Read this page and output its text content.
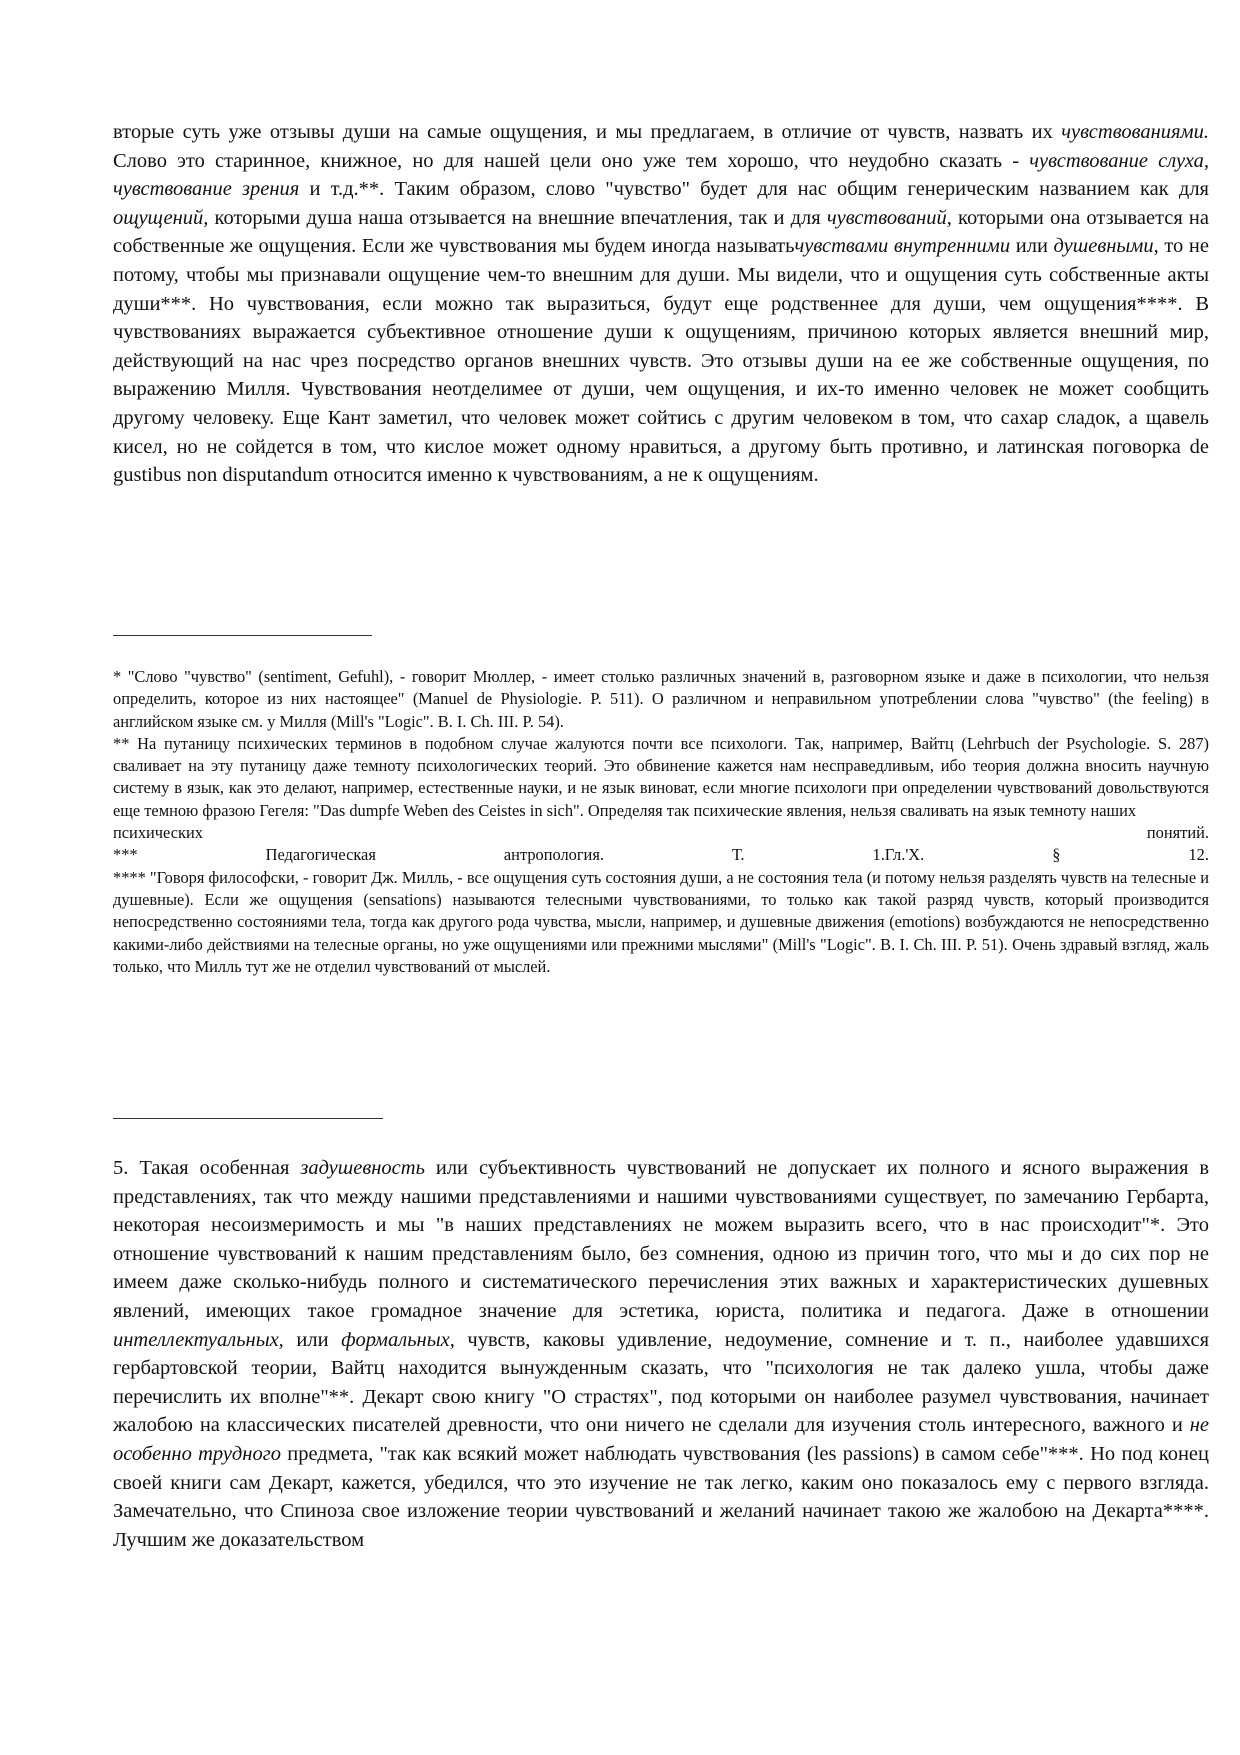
вторые суть уже отзывы души на самые ощущения, и мы предлагаем, в отличие от чувств, назвать их чувствованиями. Слово это старинное, книжное, но для нашей цели оно уже тем хорошо, что неудобно сказать - чувствование слуха, чувствование зрения и т.д.**. Таким образом, слово "чувство" будет для нас общим генерическим названием как для ощущений, которыми душа наша отзывается на внешние впечатления, так и для чувствований, которыми она отзывается на собственные же ощущения. Если же чувствования мы будем иногда называтьчувствами внутренними или душевными, то не потому, чтобы мы признавали ощущение чем-то внешним для души. Мы видели, что и ощущения суть собственные акты души***. Но чувствования, если можно так выразиться, будут еще родственнее для души, чем ощущения****. В чувствованиях выражается субъективное отношение души к ощущениям, причиною которых является внешний мир, действующий на нас чрез посредство органов внешних чувств. Это отзывы души на ее же собственные ощущения, по выражению Милля. Чувствования неотделимее от души, чем ощущения, и их-то именно человек не может сообщить другому человеку. Еще Кант заметил, что человек может сойтись с другим человеком в том, что сахар сладок, а щавель кисел, но не сойдется в том, что кислое может одному нравиться, а другому быть противно, и латинская поговорка de gustibus non disputandum относится именно к чувствованиям, а не к ощущениям.

* "Слово "чувство" (sentiment, Gefuhl), - говорит Мюллер, - имеет столько различных значений в, разговорном языке и даже в психологии, что нельзя определить, которое из них настоящее" (Manuel de Physiologie. P. 511). О различном и неправильном употреблении слова "чувство" (the feeling) в английском языке см. у Милля (Mill's "Logic". B. I. Ch. III. P. 54).

** На путаницу психических терминов в подобном случае жалуются почти все психологи. Так, например, Вайтц (Lehrbuch der Psychologie. S. 287) сваливает на эту путаницу даже темноту психологических теорий. Это обвинение кажется нам несправедливым, ибо теория должна вносить научную систему в язык, как это делают, например, естественные науки, и не язык виноват, если многие психологи при определении чувствований довольствуются еще темною фразою Гегеля: "Das dumpfe Weben des Ceistes in sich". Определяя так психические явления, нельзя сваливать на язык темноту наших

психических	понятий.
***	Педагогическая	антропология.	Т.	1.Гл.'Х.	§	12.

**** "Говоря философски, - говорит Дж. Милль, - все ощущения суть состояния души, а не состояния тела (и потому нельзя разделять чувств на телесные и душевные). Если же ощущения (sensations) называются телесными чувствованиями, то только как такой разряд чувств, который производится непосредственно состояниями тела, тогда как другого рода чувства, мысли, например, и душевные движения (emotions) возбуждаются не непосредственно какими-либо действиями на телесные органы, но уже ощущениями или прежними мыслями" (Mill's "Logic". B. I. Ch. III. P. 51). Очень здравый взгляд, жаль только, что Милль тут же не отделил чувствований от мыслей.

5. Такая особенная задушевность или субъективность чувствований не допускает их полного и ясного выражения в представлениях, так что между нашими представлениями и нашими чувствованиями существует, по замечанию Гербарта, некоторая несоизмеримость и мы "в наших представлениях не можем выразить всего, что в нас происходит"*. Это отношение чувствований к нашим представлениям было, без сомнения, одною из причин того, что мы и до сих пор не имеем даже сколько-нибудь полного и систематического перечисления этих важных и характеристических душевных явлений, имеющих такое громадное значение для эстетика, юриста, политика и педагога. Даже в отношении интеллектуальных, или формальных, чувств, каковы удивление, недоумение, сомнение и т. п., наиболее удавшихся гербартовской теории, Вайтц находится вынужденным сказать, что "психология не так далеко ушла, чтобы даже перечислить их вполне"**. Декарт свою книгу "О страстях", под которыми он наиболее разумел чувствования, начинает жалобою на классических писателей древности, что они ничего не сделали для изучения столь интересного, важного и не особенно трудного предмета, "так как всякий может наблюдать чувствования (les passions) в самом себе"***. Но под конец своей книги сам Декарт, кажется, убедился, что это изучение не так легко, каким оно показалось ему с первого взгляда. Замечательно, что Спиноза свое изложение теории чувствований и желаний начинает такою же жалобою на Декарта****. Лучшим же доказательством
